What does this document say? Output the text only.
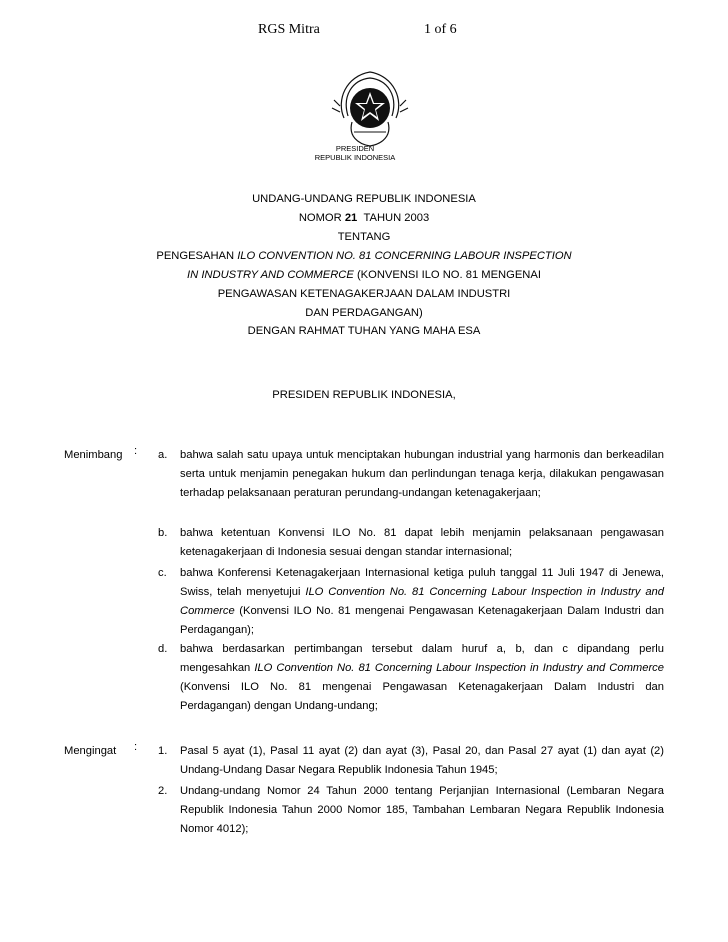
RGS Mitra	1 of 6
PRESIDEN
REPUBLIK INDONESIA
UNDANG-UNDANG REPUBLIK INDONESIA
NOMOR 21 TAHUN 2003
TENTANG
PENGESAHAN ILO CONVENTION NO. 81 CONCERNING LABOUR INSPECTION
IN INDUSTRY AND COMMERCE (KONVENSI ILO NO. 81 MENGENAI
PENGAWASAN KETENAGAKERJAAN DALAM INDUSTRI
DAN PERDAGANGAN)
DENGAN RAHMAT TUHAN YANG MAHA ESA
PRESIDEN REPUBLIK INDONESIA,
Menimbang : a. bahwa salah satu upaya untuk menciptakan hubungan industrial yang harmonis dan berkeadilan serta untuk menjamin penegakan hukum dan perlindungan tenaga kerja, dilakukan pengawasan terhadap pelaksanaan peraturan perundang-undangan ketenagakerjaan;
b. bahwa ketentuan Konvensi ILO No. 81 dapat lebih menjamin pelaksanaan pengawasan ketenagakerjaan di Indonesia sesuai dengan standar internasional;
c. bahwa Konferensi Ketenagakerjaan Internasional ketiga puluh tanggal 11 Juli 1947 di Jenewa, Swiss, telah menyetujui ILO Convention No. 81 Concerning Labour Inspection in Industry and Commerce (Konvensi ILO No. 81 mengenai Pengawasan Ketenagakerjaan Dalam Industri dan Perdagangan);
d. bahwa berdasarkan pertimbangan tersebut dalam huruf a, b, dan c dipandang perlu mengesahkan ILO Convention No. 81 Concerning Labour Inspection in Industry and Commerce (Konvensi ILO No. 81 mengenai Pengawasan Ketenagakerjaan Dalam Industri dan Perdagangan) dengan Undang-undang;
Mengingat : 1. Pasal 5 ayat (1), Pasal 11 ayat (2) dan ayat (3), Pasal 20, dan Pasal 27 ayat (1) dan ayat (2) Undang-Undang Dasar Negara Republik Indonesia Tahun 1945;
2. Undang-undang Nomor 24 Tahun 2000 tentang Perjanjian Internasional (Lembaran Negara Republik Indonesia Tahun 2000 Nomor 185, Tambahan Lembaran Negara Republik Indonesia Nomor 4012);
